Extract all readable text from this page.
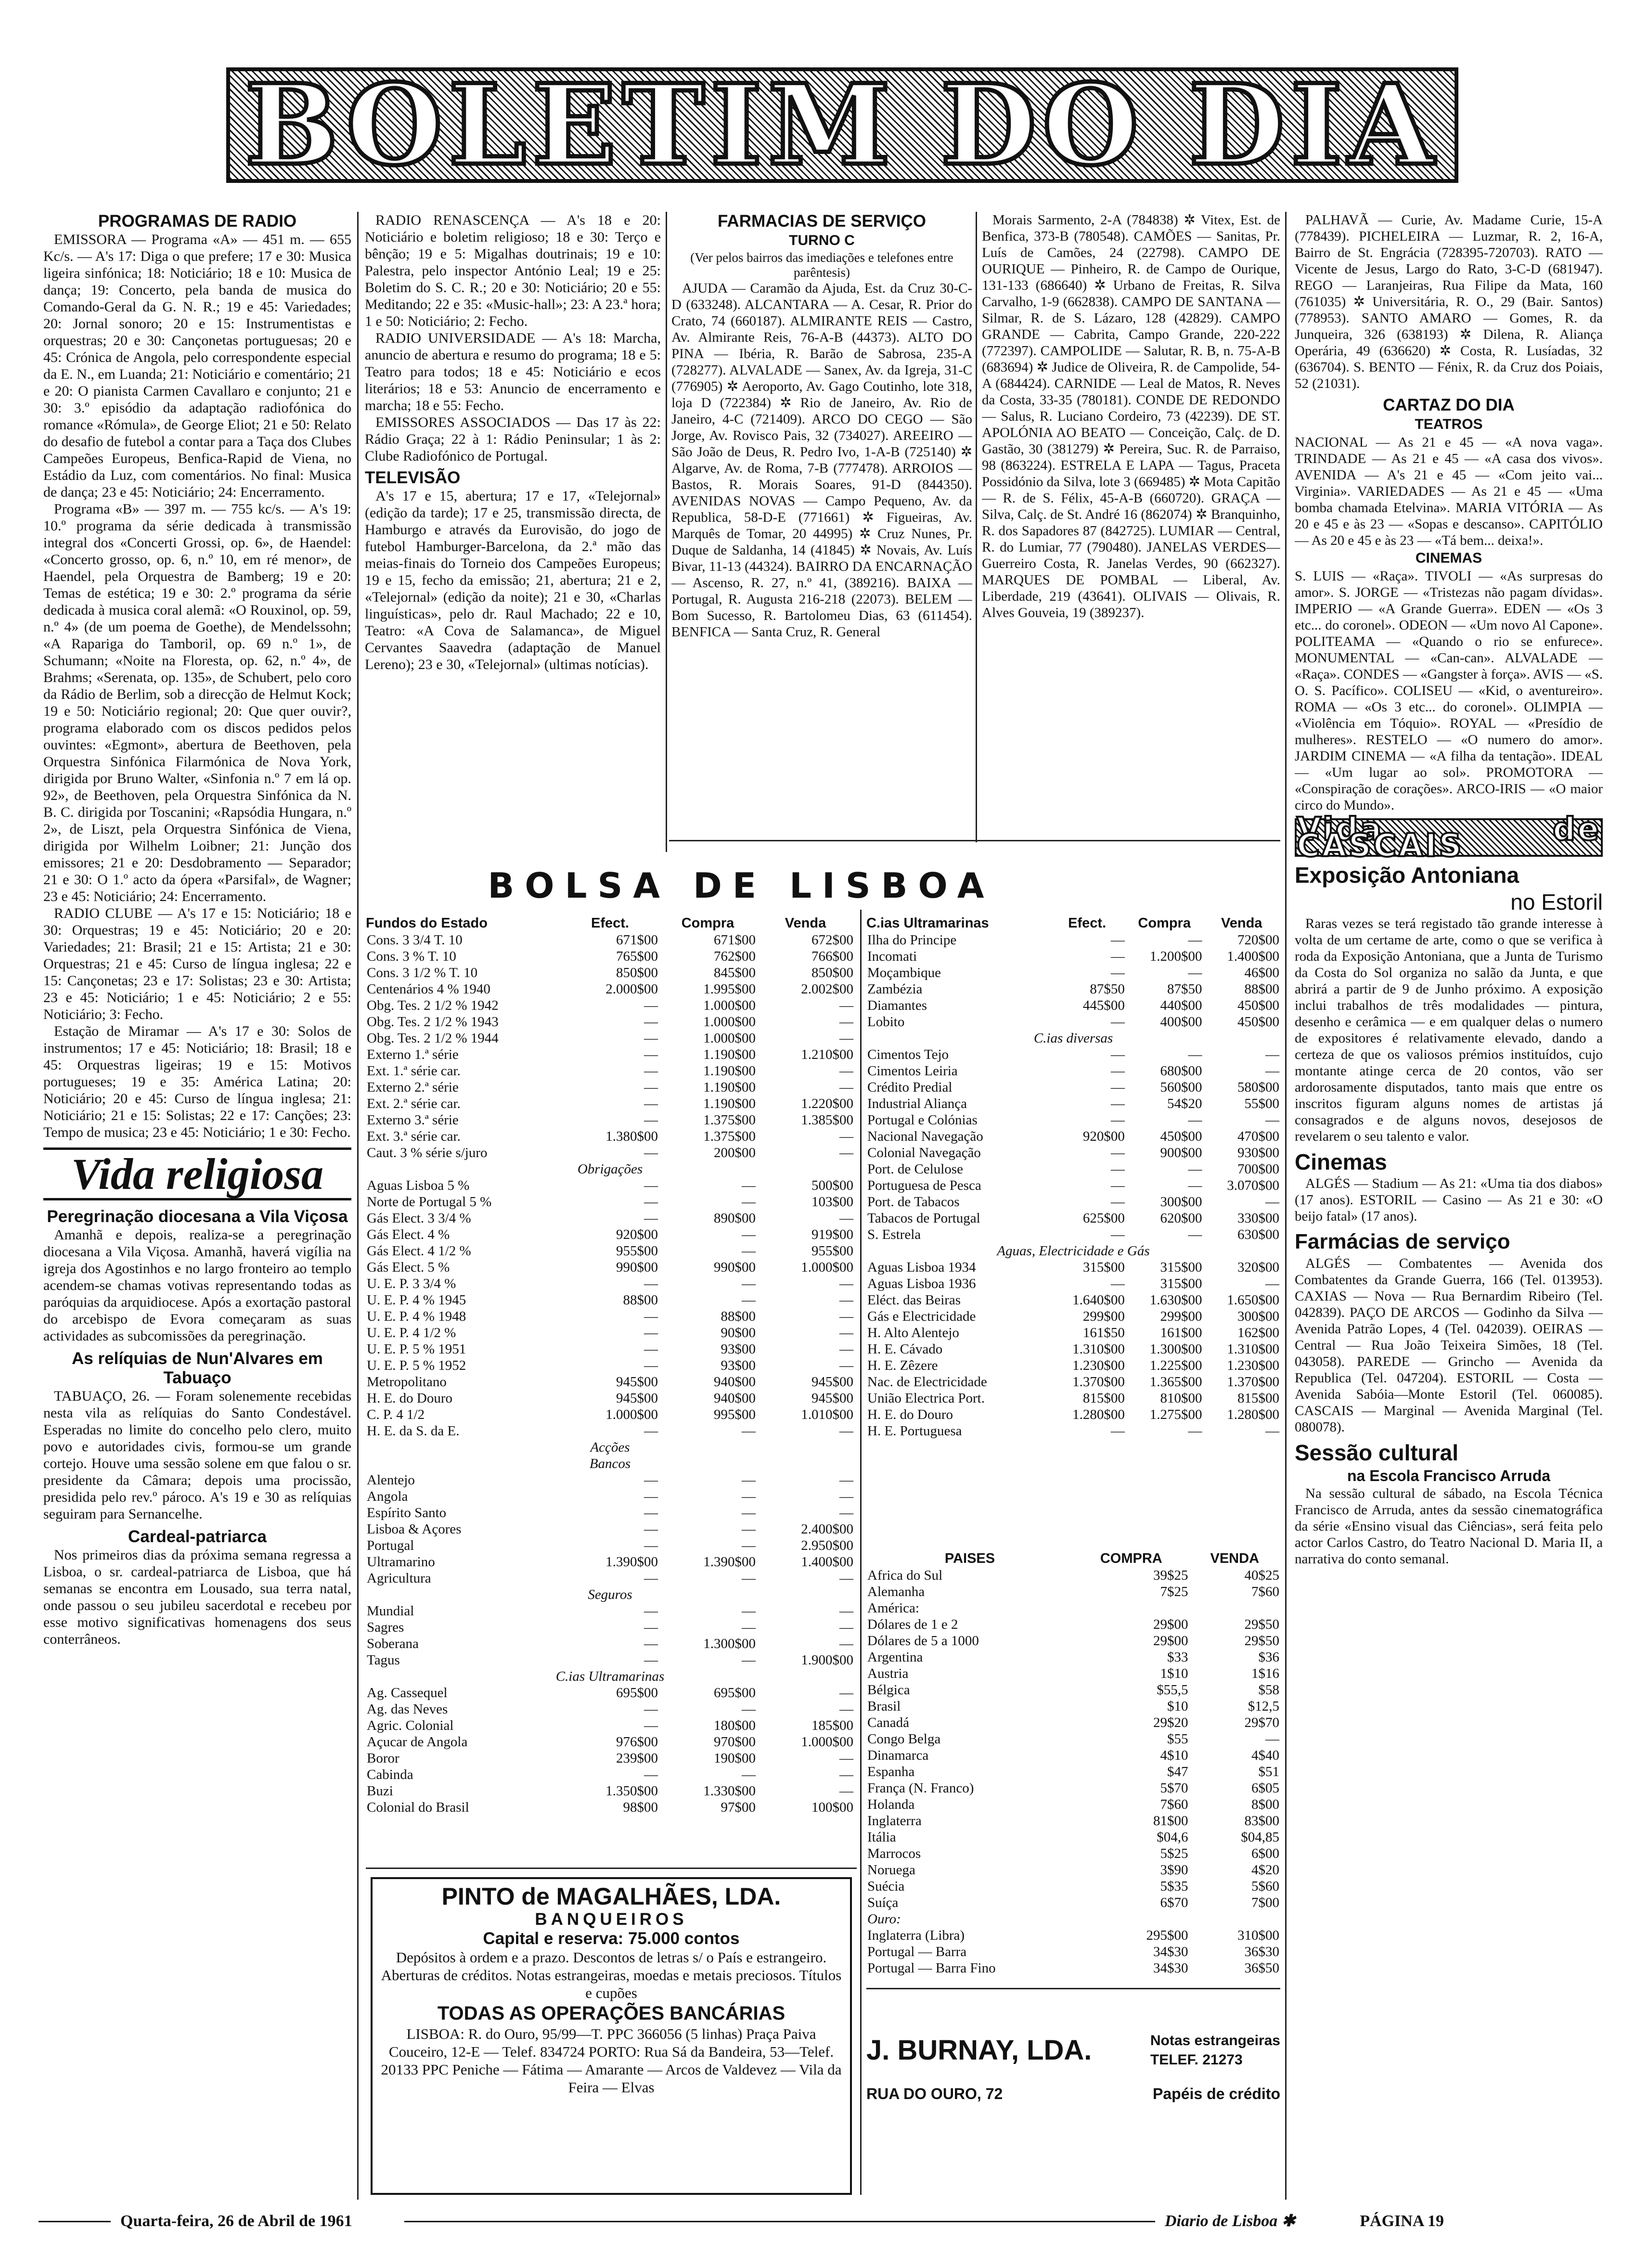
BOLETIM DO DIA
PROGRAMAS DE RADIO

EMISSORA — Programa «A» — 451 m. — 655 Kc/s. — A's 17: Diga o que prefere; 17 e 30: Musica ligeira sinfónica; 18: Noticiário; 18 e 10: Musica de dança; 19: Concerto, pela banda de musica do Comando-Geral da G. N. R.; 19 e 45: Variedades; 20: Jornal sonoro; 20 e 15: Instrumentistas e orquestras; 20 e 30: Cançonetas portuguesas; 20 e 45: Crónica de Angola, pelo correspondente especial da E. N., em Luanda; 21: Noticiário e comentário; 21 e 20: O pianista Carmen Cavallaro e conjunto; 21 e 30: 3.º episódio da adaptação radiofónica do romance «Rómula», de George Eliot; 21 e 50: Relato do desafio de futebol a contar para a Taça dos Clubes Campeões Europeus, Benfica-Rapid de Viena, no Estádio da Luz, com comentários. No final: Musica de dança; 23 e 45: Noticiário; 24: Encerramento.

Programa «B» — 397 m. — 755 kc/s. — A's 19: 10.º programa da série dedicada à transmissão integral dos «Concerti Grossi, op. 6», de Haendel: «Concerto grosso, op. 6, n.º 10, em ré menor», de Haendel, pela Orquestra de Bamberg; 19 e 20: Temas de estética; 19 e 30: 2.º programa da série dedicada à musica coral alemã: «O Rouxinol, op. 59, n.º 4» (de um poema de Goethe), de Mendelssohn; «A Rapariga do Tamboril, op. 69 n.º 1», de Schumann; «Noite na Floresta, op. 62, n.º 4», de Brahms; «Serenata, op. 135», de Schubert, pelo coro da Rádio de Berlim, sob a direcção de Helmut Kock; 19 e 50: Noticiário regional; 20: Que quer ouvir?, programa elaborado com os discos pedidos pelos ouvintes: «Egmont», abertura de Beethoven, pela Orquestra Sinfónica Filarmónica de Nova York, dirigida por Bruno Walter, «Sinfonia n.º 7 em lá op. 92», de Beethoven, pela Orquestra Sinfónica da N. B. C. dirigida por Toscanini; «Rapsódia Hungara, n.º 2», de Liszt, pela Orquestra Sinfónica de Viena, dirigida por Wilhelm Loibner; 21: Junção dos emissores; 21 e 20: Desdobramento — Separador; 21 e 30: O 1.º acto da ópera «Parsifal», de Wagner; 23 e 45: Noticiário; 24: Encerramento.

RADIO CLUBE — A's 17 e 15: Noticiário; 18 e 30: Orquestras; 19 e 45: Noticiário; 20 e 20: Variedades; 21: Brasil; 21 e 15: Artista; 21 e 30: Orquestras; 21 e 45: Curso de língua inglesa; 22 e 15: Cançonetas; 23 e 17: Solistas; 23 e 30: Artista; 23 e 45: Noticiário; 1 e 45: Noticiário; 2 e 55: Noticiário; 3: Fecho.

Estação de Miramar — A's 17 e 30: Solos de instrumentos; 17 e 45: Noticiário; 18: Brasil; 18 e 45: Orquestras ligeiras; 19 e 15: Motivos portugueses; 19 e 35: América Latina; 20: Noticiário; 20 e 45: Curso de língua inglesa; 21: Noticiário; 21 e 15: Solistas; 22 e 17: Canções; 23: Tempo de musica; 23 e 45: Noticiário; 1 e 30: Fecho.

Vida religiosa
Peregrinação diocesana a Vila Viçosa

Amanhã e depois, realiza-se a peregrinação diocesana a Vila Viçosa. Amanhã, haverá vigília na igreja dos Agostinhos e no largo fronteiro ao templo acendem-se chamas votivas representando todas as paróquias da arquidiocese. Após a exortação pastoral do arcebispo de Evora começaram as suas actividades as subcomissões da peregrinação.

As relíquias de Nun'Alvares em Tabuaço

TABUAÇO, 26. — Foram solenemente recebidas nesta vila as relíquias do Santo Condestável. Esperadas no limite do concelho pelo clero, muito povo e autoridades civis, formou-se um grande cortejo. Houve uma sessão solene em que falou o sr. presidente da Câmara; depois uma procissão, presidida pelo rev.º pároco. A's 19 e 30 as relíquias seguiram para Sernancelhe.

Cardeal-patriarca

Nos primeiros dias da próxima semana regressa a Lisboa, o sr. cardeal-patriarca de Lisboa, que há semanas se encontra em Lousado, sua terra natal, onde passou o seu jubileu sacerdotal e recebeu por esse motivo significativas homenagens dos seus conterrâneos.

RADIO RENASCENÇA — A's 18 e 20: Noticiário e boletim religioso; 18 e 30: Terço e bênção; 19 e 5: Migalhas doutrinais; 19 e 10: Palestra, pelo inspector António Leal; 19 e 25: Boletim do S. C. R.; 20 e 30: Noticiário; 20 e 55: Meditando; 22 e 35: «Music-hall»; 23: A 23.ª hora; 1 e 50: Noticiário; 2: Fecho.

RADIO UNIVERSIDADE — A's 18: Marcha, anuncio de abertura e resumo do programa; 18 e 5: Teatro para todos; 18 e 45: Noticiário e ecos literários; 18 e 53: Anuncio de encerramento e marcha; 18 e 55: Fecho.

EMISSORES ASSOCIADOS — Das 17 às 22: Rádio Graça; 22 à 1: Rádio Peninsular; 1 às 2: Clube Radiofónico de Portugal.

TELEVISÃO

A's 17 e 15, abertura; 17 e 17, «Telejornal» (edição da tarde); 17 e 25, transmissão directa, de Hamburgo e através da Eurovisão, do jogo de futebol Hamburger-Barcelona, da 2.ª mão das meias-finais do Torneio dos Campeões Europeus; 19 e 15, fecho da emissão; 21, abertura; 21 e 2, «Telejornal» (edição da noite); 21 e 30, «Charlas linguísticas», pelo dr. Raul Machado; 22 e 10, Teatro: «A Cova de Salamanca», de Miguel Cervantes Saavedra (adaptação de Manuel Lereno); 23 e 30, «Telejornal» (ultimas notícias).

FARMACIAS DE SERVIÇO
TURNO C
(Ver pelos bairros das imediações e telefones entre parêntesis)

AJUDA — Caramão da Ajuda, Est. da Cruz 30-C-D (633248). ALCANTARA — A. Cesar, R. Prior do Crato, 74 (660187). ALMIRANTE REIS — Castro, Av. Almirante Reis, 76-A-B (44373). ALTO DO PINA — Ibéria, R. Barão de Sabrosa, 235-A (728277). ALVALADE — Sanex, Av. da Igreja, 31-C (776905) ✲ Aeroporto, Av. Gago Coutinho, lote 318, loja D (722384) ✲ Rio de Janeiro, Av. Rio de Janeiro, 4-C (721409). ARCO DO CEGO — São Jorge, Av. Rovisco Pais, 32 (734027). AREEIRO — São João de Deus, R. Pedro Ivo, 1-A-B (725140) ✲ Algarve, Av. de Roma, 7-B (777478). ARROIOS — Bastos, R. Morais Soares, 91-D (844350). AVENIDAS NOVAS — Campo Pequeno, Av. da Republica, 58-D-E (771661) ✲ Figueiras, Av. Marquês de Tomar, 20 44995) ✲ Cruz Nunes, Pr. Duque de Saldanha, 14 (41845) ✲ Novais, Av. Luís Bivar, 11-13 (44324). BAIRRO DA ENCARNAÇÃO — Ascenso, R. 27, n.º 41, (389216). BAIXA — Portugal, R. Augusta 216-218 (22073). BELEM — Bom Sucesso, R. Bartolomeu Dias, 63 (611454). BENFICA — Santa Cruz, R. General

Morais Sarmento, 2-A (784838) ✲ Vitex, Est. de Benfica, 373-B (780548). CAMÕES — Sanitas, Pr. Luís de Camões, 24 (22798). CAMPO DE OURIQUE — Pinheiro, R. de Campo de Ourique, 131-133 (686640) ✲ Urbano de Freitas, R. Silva Carvalho, 1-9 (662838). CAMPO DE SANTANA — Silmar, R. de S. Lázaro, 128 (42829). CAMPO GRANDE — Cabrita, Campo Grande, 220-222 (772397). CAMPOLIDE — Salutar, R. B, n. 75-A-B (683694) ✲ Judice de Oliveira, R. de Campolide, 54-A (684424). CARNIDE — Leal de Matos, R. Neves da Costa, 33-35 (780181). CONDE DE REDONDO — Salus, R. Luciano Cordeiro, 73 (42239). DE ST. APOLÓNIA AO BEATO — Conceição, Calç. de D. Gastão, 30 (381279) ✲ Pereira, Suc. R. de Parraiso, 98 (863224). ESTRELA E LAPA — Tagus, Praceta Possidónio da Silva, lote 3 (669485) ✲ Mota Capitão — R. de S. Félix, 45-A-B (660720). GRAÇA — Silva, Calç. de St. André 16 (862074) ✲ Branquinho, R. dos Sapadores 87 (842725). LUMIAR — Central, R. do Lumiar, 77 (790480). JANELAS VERDES—Guerreiro Costa, R. Janelas Verdes, 90 (662327). MARQUES DE POMBAL — Liberal, Av. Liberdade, 219 (43641). OLIVAIS — Olivais, R. Alves Gouveia, 19 (389237).

BOLSA DE LISBOA
Fundos do Estado	Efect.	Compra	Venda
Cons. 3 3/4 T. 10	671$00	671$00	672$00
Cons. 3 % T. 10	765$00	762$00	766$00
Cons. 3 1/2 % T. 10	850$00	845$00	850$00
Centenários 4 % 1940	2.000$00	1.995$00	2.002$00
Obg. Tes. 2 1/2 % 1942	—	1.000$00	—
Obg. Tes. 2 1/2 % 1943	—	1.000$00	—
Obg. Tes. 2 1/2 % 1944	—	1.000$00	—
Externo 1.ª série	—	1.190$00	1.210$00
Ext. 1.ª série car.	—	1.190$00	—
Externo 2.ª série	—	1.190$00	—
Ext. 2.ª série car.	—	1.190$00	1.220$00
Externo 3.ª série	—	1.375$00	1.385$00
Ext. 3.ª série car.	1.380$00	1.375$00	—
Caut. 3 % série s/juro	—	200$00	—
Obrigações			
Aguas Lisboa 5 %	—	—	500$00
Norte de Portugal 5 %	—	—	103$00
Gás Elect. 3 3/4 %	—	890$00	—
Gás Elect. 4 %	920$00	—	919$00
Gás Elect. 4 1/2 %	955$00	—	955$00
Gás Elect. 5 %	990$00	990$00	1.000$00
U. E. P. 3 3/4 %	—	—	—
U. E. P. 4 % 1945	88$00	—	—
U. E. P. 4 % 1948	—	88$00	—
U. E. P. 4 1/2 %	—	90$00	—
U. E. P. 5 % 1951	—	93$00	—
U. E. P. 5 % 1952	—	93$00	—
Metropolitano	945$00	940$00	945$00
H. E. do Douro	945$00	940$00	945$00
C. P. 4 1/2	1.000$00	995$00	1.010$00
H. E. da S. da E.	—	—	—
Acções			
Bancos			
Alentejo	—	—	—
Angola	—	—	—
Espírito Santo	—	—	—
Lisboa & Açores	—	—	2.400$00
Portugal	—	—	2.950$00
Ultramarino	1.390$00	1.390$00	1.400$00
Agricultura	—	—	—
Seguros			
Mundial	—	—	—
Sagres	—	—	—
Soberana	—	1.300$00	—
Tagus	—	—	1.900$00
C.ias Ultramarinas			
Ag. Cassequel	695$00	695$00	—
Ag. das Neves	—	—	—
Agric. Colonial	—	180$00	185$00
Açucar de Angola	976$00	970$00	1.000$00
Boror	239$00	190$00	—
Cabinda	—	—	—
Buzi	1.350$00	1.330$00	—
Colonial do Brasil	98$00	97$00	100$00
C.ias Ultramarinas	Efect.	Compra	Venda
Ilha do Principe	—	—	720$00
Incomati	—	1.200$00	1.400$00
Moçambique	—	—	46$00
Zambézia	87$50	87$50	88$00
Diamantes	445$00	440$00	450$00
Lobito	—	400$00	450$00
C.ias diversas			
Cimentos Tejo	—	—	—
Cimentos Leiria	—	680$00	—
Crédito Predial	—	560$00	580$00
Industrial Aliança	—	54$20	55$00
Portugal e Colónias	—	—	—
Nacional Navegação	920$00	450$00	470$00
Colonial Navegação	—	900$00	930$00
Port. de Celulose	—	—	700$00
Portuguesa de Pesca	—	—	3.070$00
Port. de Tabacos	—	300$00	—
Tabacos de Portugal	625$00	620$00	330$00
S. Estrela	—	—	630$00
Aguas, Electricidade e Gás			
Aguas Lisboa 1934	315$00	315$00	320$00
Aguas Lisboa 1936	—	315$00	—
Eléct. das Beiras	1.640$00	1.630$00	1.650$00
Gás e Electricidade	299$00	299$00	300$00
H. Alto Alentejo	161$50	161$00	162$00
H. E. Cávado	1.310$00	1.300$00	1.310$00
H. E. Zêzere	1.230$00	1.225$00	1.230$00
Nac. de Electricidade	1.370$00	1.365$00	1.370$00
União Electrica Port.	815$00	810$00	815$00
H. E. do Douro	1.280$00	1.275$00	1.280$00
H. E. Portuguesa	—	—	—
PAISES	COMPRA	VENDA
Africa do Sul	39$25	40$25
Alemanha	7$25	7$60
América:		
Dólares de 1 e 2	29$00	29$50
Dólares de 5 a 1000	29$00	29$50
Argentina	$33	$36
Austria	1$10	1$16
Bélgica	$55,5	$58
Brasil	$10	$12,5
Canadá	29$20	29$70
Congo Belga	$55	—
Dinamarca	4$10	4$40
Espanha	$47	$51
França (N. Franco)	5$70	6$05
Holanda	7$60	8$00
Inglaterra	81$00	83$00
Itália	$04,6	$04,85
Marrocos	5$25	6$00
Noruega	3$90	4$20
Suécia	5$35	5$60
Suíça	6$70	7$00
Ouro:		
Inglaterra (Libra)	295$00	310$00
Portugal — Barra	34$30	36$30
Portugal — Barra Fino	34$30	36$50
PINTO de MAGALHÃES, LDA.
BANQUEIROS
Capital e reserva: 75.000 contos
Depósitos à ordem e a prazo. Descontos de letras s/ o País e estrangeiro. Aberturas de créditos. Notas estrangeiras, moedas e metais preciosos. Títulos e cupões
TODAS AS OPERAÇÕES BANCÁRIAS
LISBOA: R. do Ouro, 95/99—T. PPC 366056 (5 linhas) Praça Paiva Couceiro, 12-E — Telef. 834724 PORTO: Rua Sá da Bandeira, 53—Telef. 20133 PPC Peniche — Fátima — Amarante — Arcos de Valdevez — Vila da Feira — Elvas
J. BURNAY, LDA.	Notas estrangeiras
TELEF. 21273
RUA DO OURO, 72	Papéis de crédito

PALHAVÃ — Curie, Av. Madame Curie, 15-A (778439). PICHELEIRA — Luzmar, R. 2, 16-A, Bairro de St. Engrácia (728395-720703). RATO — Vicente de Jesus, Largo do Rato, 3-C-D (681947). REGO — Laranjeiras, Rua Filipe da Mata, 160 (761035) ✲ Universitária, R. O., 29 (Bair. Santos) (778953). SANTO AMARO — Gomes, R. da Junqueira, 326 (638193) ✲ Dilena, R. Aliança Operária, 49 (636620) ✲ Costa, R. Lusíadas, 32 (636704). S. BENTO — Fénix, R. da Cruz dos Poiais, 52 (21031).

CARTAZ DO DIA
TEATROS

NACIONAL — As 21 e 45 — «A nova vaga». TRINDADE — As 21 e 45 — «A casa dos vivos». AVENIDA — A's 21 e 45 — «Com jeito vai... Virginia». VARIEDADES — As 21 e 45 — «Uma bomba chamada Etelvina». MARIA VITÓRIA — As 20 e 45 e às 23 — «Sopas e descanso». CAPITÓLIO — As 20 e 45 e às 23 — «Tá bem... deixa!».

CINEMAS

S. LUIS — «Raça». TIVOLI — «As surpresas do amor». S. JORGE — «Tristezas não pagam dívidas». IMPERIO — «A Grande Guerra». EDEN — «Os 3 etc... do coronel». ODEON — «Um novo Al Capone». POLITEAMA — «Quando o rio se enfurece». MONUMENTAL — «Can-can». ALVALADE — «Raça». CONDES — «Gangster à força». AVIS — «S. O. S. Pacífico». COLISEU — «Kid, o aventureiro». ROMA — «Os 3 etc... do coronel». OLIMPIA — «Violência em Tóquio». ROYAL — «Presídio de mulheres». RESTELO — «O numero do amor». JARDIM CINEMA — «A filha da tentação». IDEAL — «Um lugar ao sol». PROMOTORA — «Conspiração de corações». ARCO-IRIS — «O maior circo do Mundo».

Vida de CASCAIS
Exposição Antoniana
no Estoril

Raras vezes se terá registado tão grande interesse à volta de um certame de arte, como o que se verifica à roda da Exposição Antoniana, que a Junta de Turismo da Costa do Sol organiza no salão da Junta, e que abrirá a partir de 9 de Junho próximo. A exposição inclui trabalhos de três modalidades — pintura, desenho e cerâmica — e em qualquer delas o numero de expositores é relativamente elevado, dando a certeza de que os valiosos prémios instituídos, cujo montante atinge cerca de 20 contos, vão ser ardorosamente disputados, tanto mais que entre os inscritos figuram alguns nomes de artistas já consagrados e de alguns novos, desejosos de revelarem o seu talento e valor.

Cinemas

ALGÉS — Stadium — As 21: «Uma tia dos diabos» (17 anos). ESTORIL — Casino — As 21 e 30: «O beijo fatal» (17 anos).

Farmácias de serviço

ALGÉS — Combatentes — Avenida dos Combatentes da Grande Guerra, 166 (Tel. 013953). CAXIAS — Nova — Rua Bernardim Ribeiro (Tel. 042839). PAÇO DE ARCOS — Godinho da Silva — Avenida Patrão Lopes, 4 (Tel. 042039). OEIRAS — Central — Rua João Teixeira Simões, 18 (Tel. 043058). PAREDE — Grincho — Avenida da Republica (Tel. 047204). ESTORIL — Costa — Avenida Sabóia—Monte Estoril (Tel. 060085). CASCAIS — Marginal — Avenida Marginal (Tel. 080078).

Sessão cultural
na Escola Francisco Arruda

Na sessão cultural de sábado, na Escola Técnica Francisco de Arruda, antes da sessão cinematográfica da série «Ensino visual das Ciências», será feita pelo actor Carlos Castro, do Teatro Nacional D. Maria II, a narrativa do conto semanal.

Quarta-feira, 26 de Abril de 1961	Diario de Lisboa ✱	PÁGINA 19
